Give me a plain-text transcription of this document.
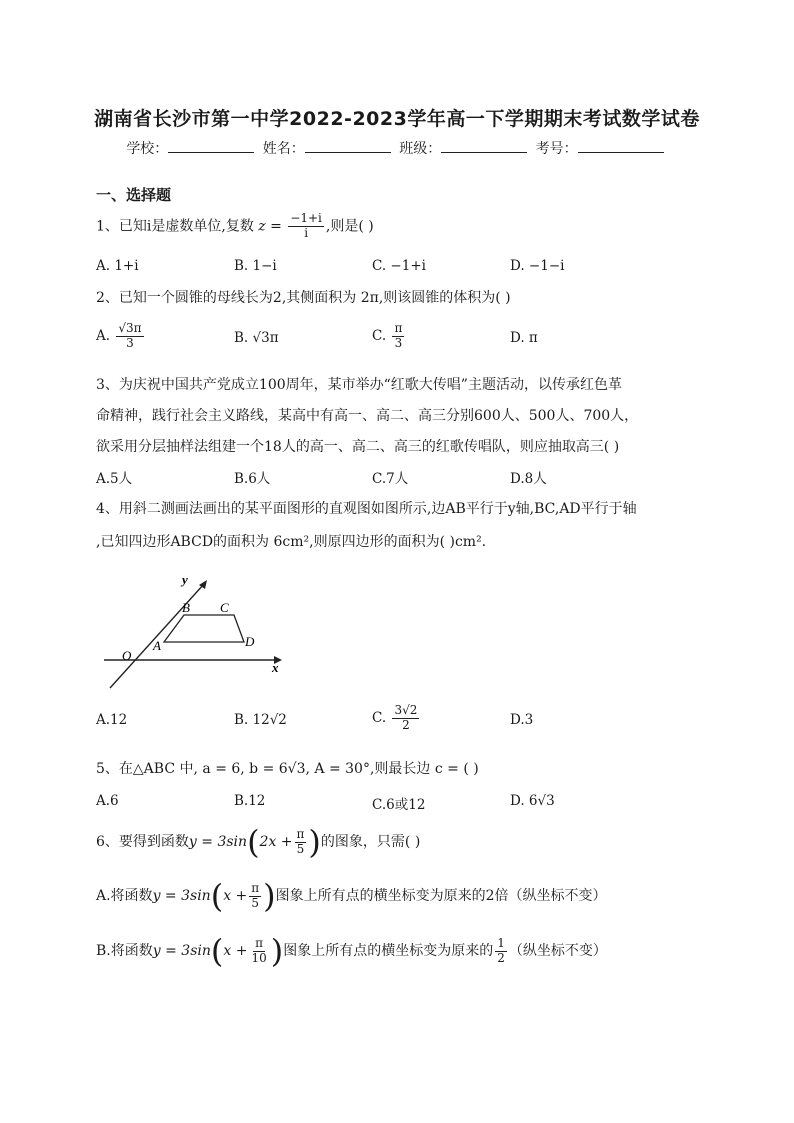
湖南省长沙市第一中学2022-2023学年高一下学期期末考试数学试卷
学校：	姓名：	班级：	考号：
一、选择题
1、已知i是虚数单位,复数 $z = \frac{-1+i}{i}$ ,则是( )
A. 1+i	B. 1−i	C. −1+i	D. −1−i
2、已知一个圆锥的母线长为2,其侧面积为 2π,则该圆锥的体积为( )
A. $\frac{√3\pi}{3}$	B. √3π	C. $\frac{\pi}{3}$	D. π
3、为庆祝中国共产党成立100周年，某市举办“红歌大传唱”主题活动，以传承红色革
命精神，践行社会主义路线，某高中有高一、高二、高三分别600人、500人、700人，
欲采用分层抽样法组建一个18人的高一、高二、高三的红歌传唱队，则应抽取高三( )
A.5人	B.6人	C.7人	D.8人
4、用斜二测画法画出的某平面图形的直观图如图所示,边AB平行于y轴,BC,AD平行于轴
,已知四边形ABCD的面积为 6cm²,则原四边形的面积为( )cm².
y
x
O
A
B C
D
A.12	B. 12√2	C. $\frac{3√2}{2}$	D.3
5、在△ABC 中, a = 6, b = 6√3, A = 30°,则最长边 c = ( )
A.6	B.12	C.6或12	D. 6√3
6、要得到函数$y = 3\sin(2x + \frac{\pi}{5}$ )的图象，只需( )
A.将函数$y = 3\sin(x + \frac{\pi}{5}$ )图象上所有点的横坐标变为原来的2倍（纵坐标不变）
B.将函数$y = 3\sin(x + \frac{\pi}{10}$ )图象上所有点的横坐标变为原来的 $\frac{1}{2}$ （纵坐标不变）
